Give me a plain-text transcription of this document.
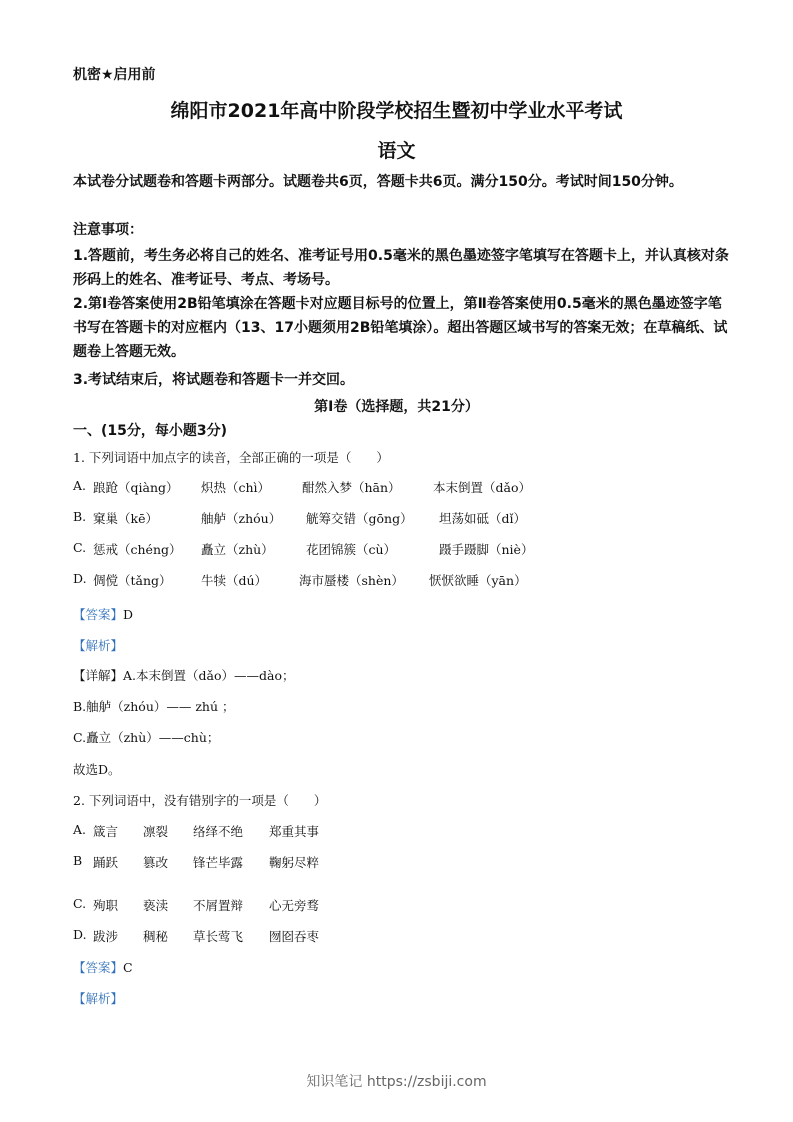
机密★启用前
绵阳市2021年高中阶段学校招生暨初中学业水平考试
语文
本试卷分试题卷和答题卡两部分。试题卷共6页，答题卡共6页。满分150分。考试时间150分钟。
注意事项：
1.答题前，考生务必将自己的姓名、准考证号用0.5毫米的黑色墨迹签字笔填写在答题卡上，并认真核对条形码上的姓名、准考证号、考点、考场号。
2.第Ⅰ卷答案使用2B铅笔填涂在答题卡对应题目标号的位置上，第Ⅱ卷答案使用0.5毫米的黑色墨迹签字笔书写在答题卡的对应框内（13、17小题须用2B铅笔填涂）。超出答题区域书写的答案无效；在草稿纸、试题卷上答题无效。
3.考试结束后，将试题卷和答题卡一并交回。
第Ⅰ卷（选择题，共21分）
一、(15分，每小题3分)
1. 下列词语中加点字的读音，全部正确的一项是（　　）
A. 踉跄（qiàng） 炽热（chì）	酣然入梦（hān）	本末倒置（dǎo）
B. 窠巢（kē）	舳舻（zhóu） 觥筹交错（gōng） 坦荡如砥（dǐ）
C. 惩戒（chéng） 矗立（zhù）	花团锦簇（cù）	蹑手蹑脚（niè）
D. 倜傥（tǎng） 牛犊（dú）	海市蜃楼（shèn） 恹恹欲睡（yān）
【答案】D
【解析】
【详解】A.本末倒置（dǎo）——dào；
B.舳舻（zhóu）—— zhú ；
C.矗立（zhù）——chù；
故选D。
2. 下列词语中，没有错别字的一项是（　　）
A. 箴言 凛裂 络绎不绝 郑重其事
B 踊跃 篡改 锋芒毕露 鞠躬尽粹
C. 殉职 亵渎 不屑置辩 心无旁骛
D. 跋涉 稠秘 草长莺飞 囫囵吞枣
【答案】C
【解析】
知识笔记 https://zsbiji.com
